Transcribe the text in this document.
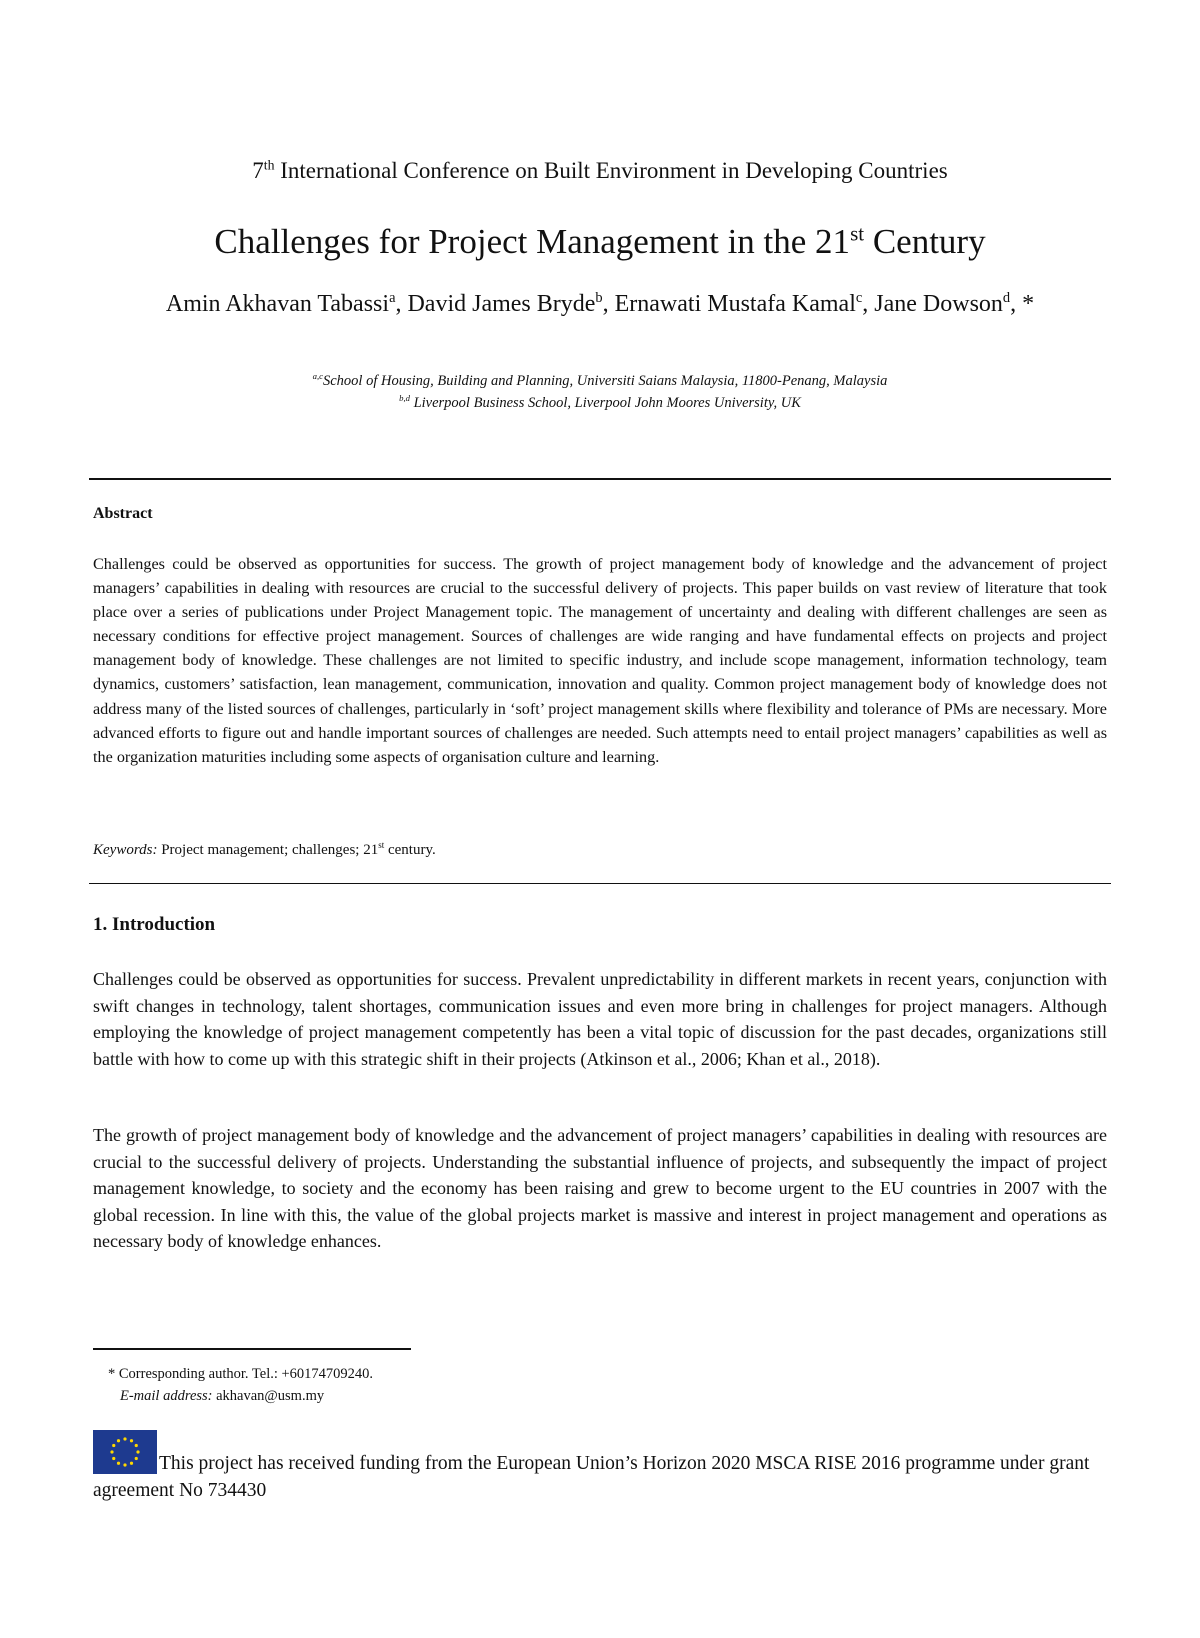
7th International Conference on Built Environment in Developing Countries
Challenges for Project Management in the 21st Century
Amin Akhavan Tabassi$^a$, David James Bryde$^b$, Ernawati Mustafa Kamal$^c$, Jane Dowson$^d$, *
$^{a,c}$School of Housing, Building and Planning, Universiti Saians Malaysia, 11800-Penang, Malaysia
$^{b,d}$ Liverpool Business School, Liverpool John Moores University, UK
Abstract

Challenges could be observed as opportunities for success. The growth of project management body of knowledge and the advancement of project managers’ capabilities in dealing with resources are crucial to the successful delivery of projects. This paper builds on vast review of literature that took place over a series of publications under Project Management topic. The management of uncertainty and dealing with different challenges are seen as necessary conditions for effective project management. Sources of challenges are wide ranging and have fundamental effects on projects and project management body of knowledge. These challenges are not limited to specific industry, and include scope management, information technology, team dynamics, customers’ satisfaction, lean management, communication, innovation and quality. Common project management body of knowledge does not address many of the listed sources of challenges, particularly in ‘soft’ project management skills where flexibility and tolerance of PMs are necessary. More advanced efforts to figure out and handle important sources of challenges are needed. Such attempts need to entail project managers’ capabilities as well as the organization maturities including some aspects of organisation culture and learning.

Keywords: Project management; challenges; 21st century.
1. Introduction

Challenges could be observed as opportunities for success. Prevalent unpredictability in different markets in recent years, conjunction with swift changes in technology, talent shortages, communication issues and even more bring in challenges for project managers. Although employing the knowledge of project management competently has been a vital topic of discussion for the past decades, organizations still battle with how to come up with this strategic shift in their projects (Atkinson et al., 2006; Khan et al., 2018).

The growth of project management body of knowledge and the advancement of project managers’ capabilities in dealing with resources are crucial to the successful delivery of projects. Understanding the substantial influence of projects, and subsequently the impact of project management knowledge, to society and the economy has been raising and grew to become urgent to the EU countries in 2007 with the global recession. In line with this, the value of the global projects market is massive and interest in project management and operations as necessary body of knowledge enhances.

* Corresponding author. Tel.: +60174709240.
E-mail address: akhavan@usm.my

This project has received funding from the European Union’s Horizon 2020 MSCA RISE 2016 programme under grant agreement No 734430
